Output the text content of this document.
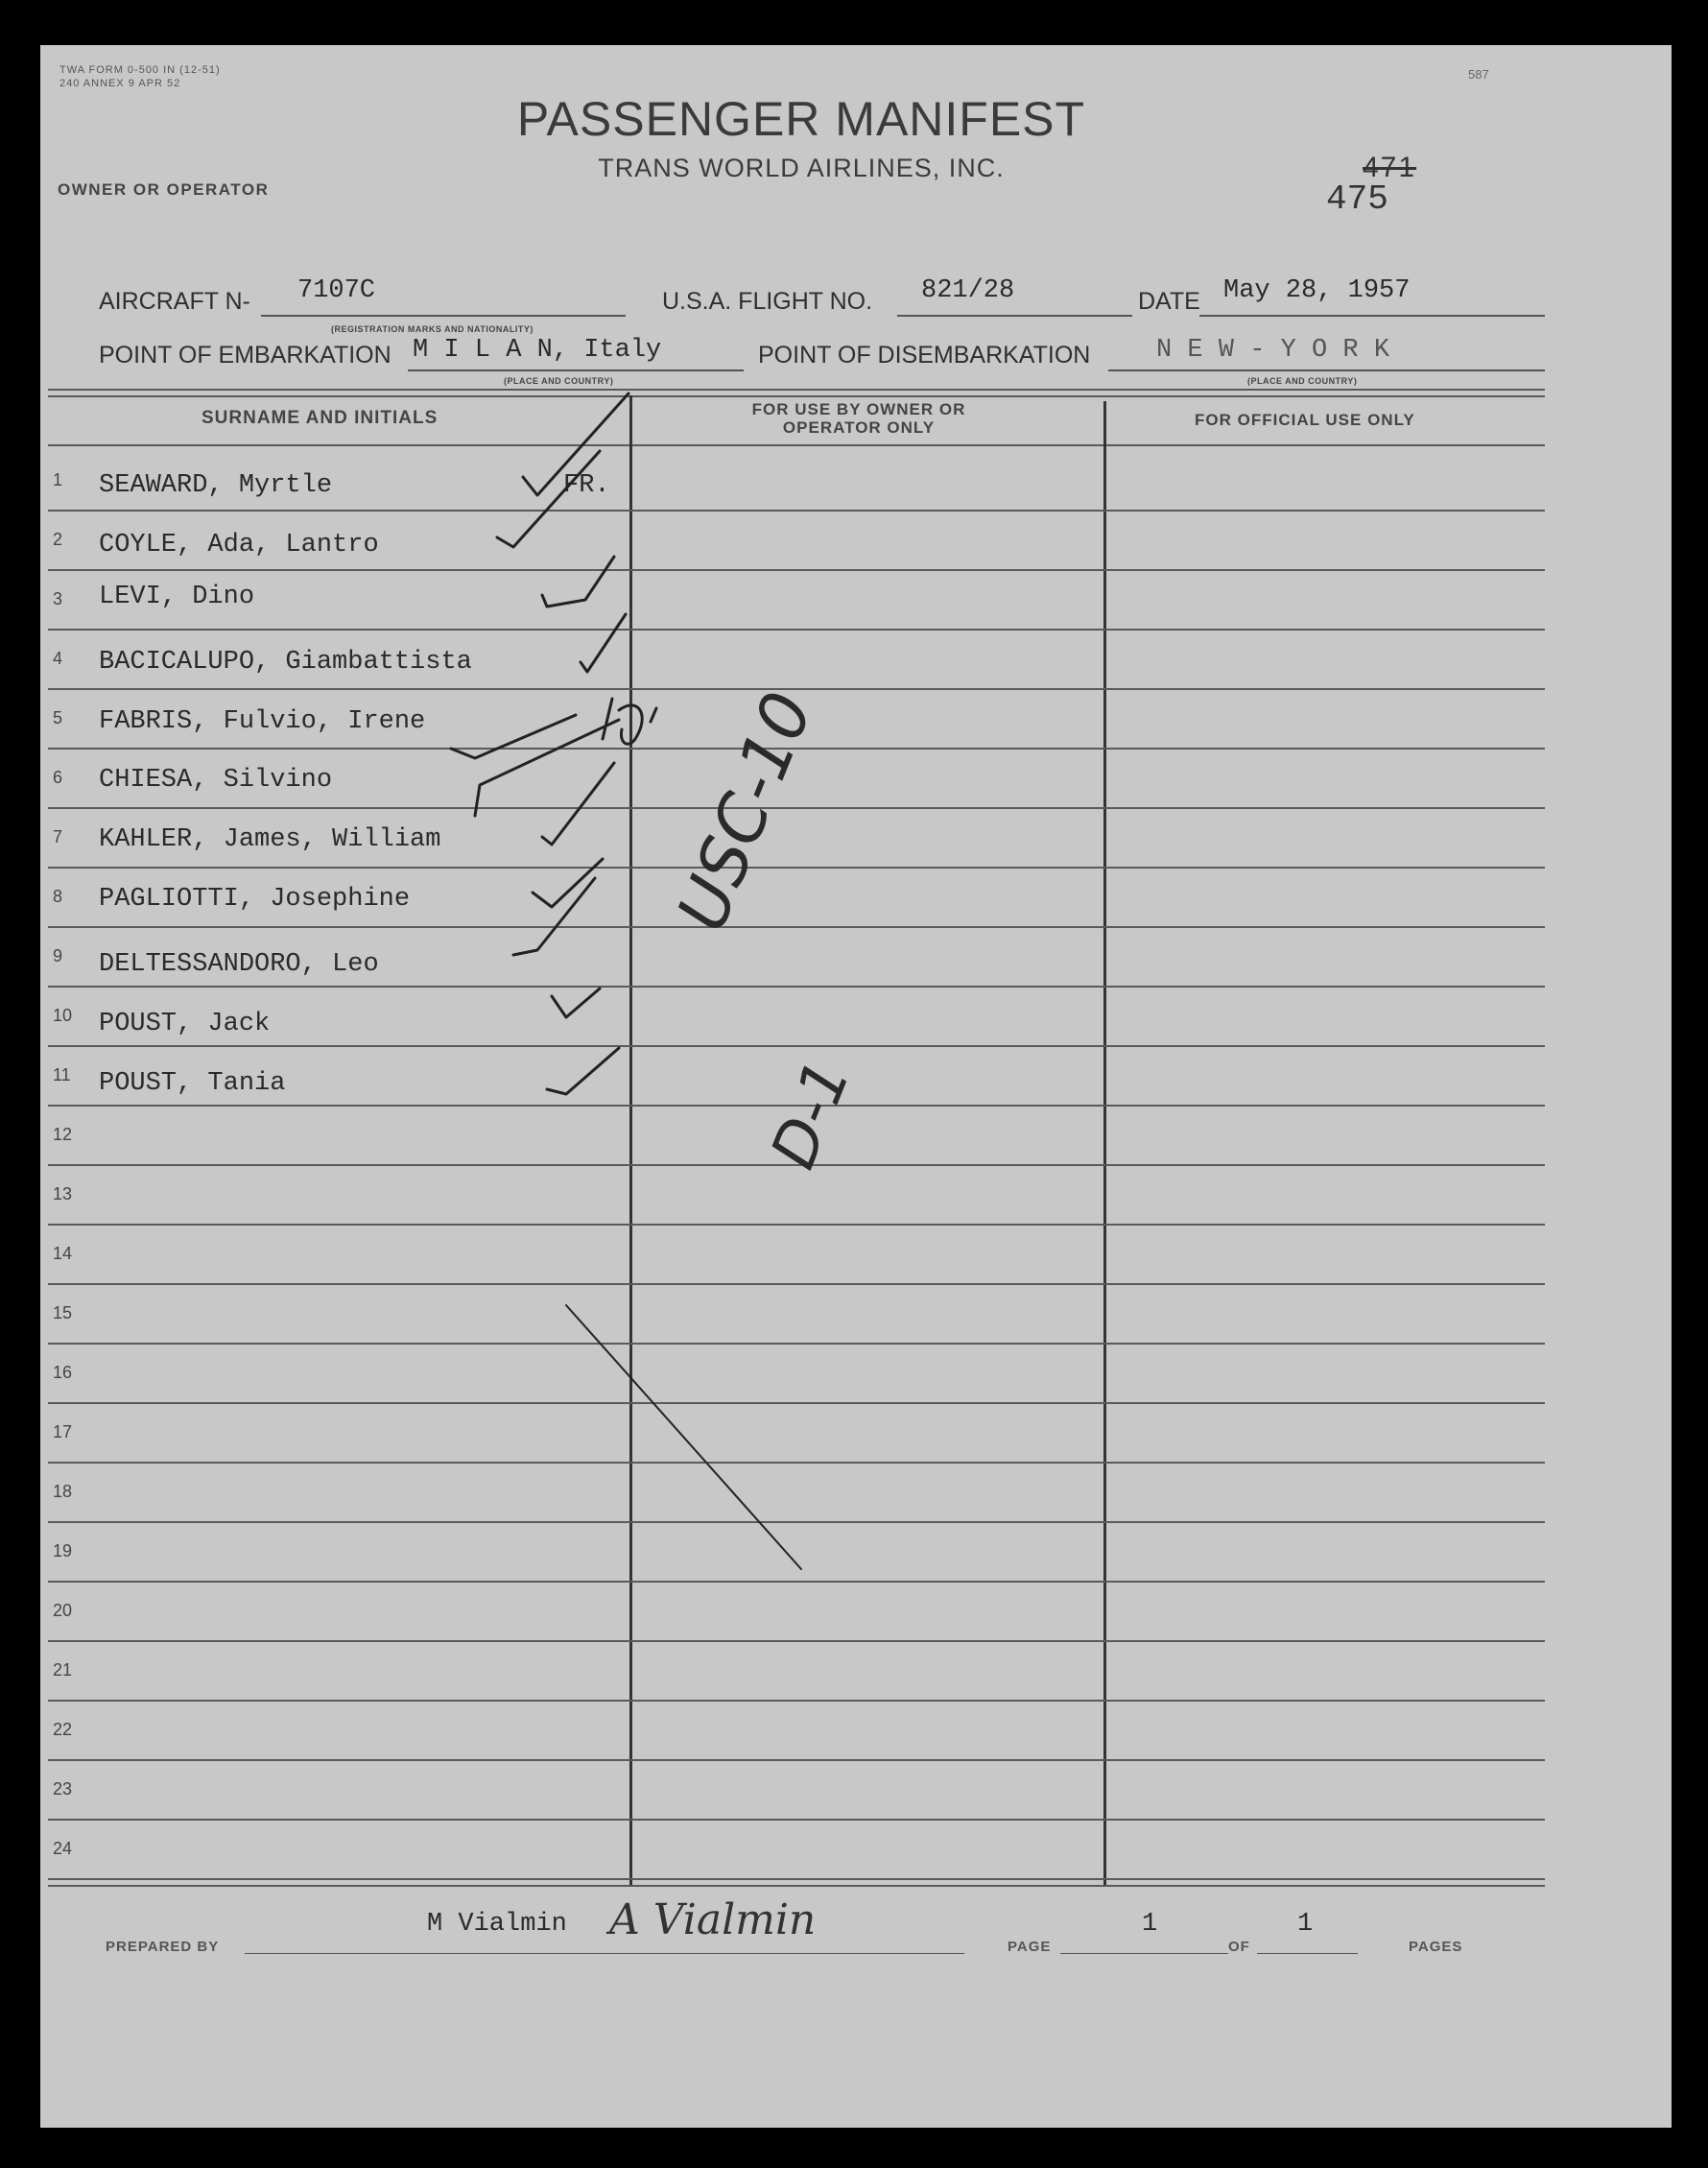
TWA FORM 0-500 IN (12-51)
240 ANNEX 9 APR 52
587
PASSENGER MANIFEST
TRANS WORLD AIRLINES, INC.	471
475
OWNER OR OPERATOR
AIRCRAFT N- 7107C
(REGISTRATION MARKS AND NATIONALITY)
U.S.A. FLIGHT NO. 821/28	DATE May 28, 1957
POINT OF EMBARKATION M I L A N, Italy
(PLACE AND COUNTRY)
POINT OF DISEMBARKATION	N E W - Y O R K
(PLACE AND COUNTRY)
SURNAME AND INITIALS	FOR USE BY OWNER OR OPERATOR ONLY	FOR OFFICIAL USE ONLY
1	SEAWARD, Myrtle	FR.
2	COYLE, Ada, Lantro
3	LEVI, Dino
4	BACICALUPO, Giambattista
5	FABRIS, Fulvio, Irene
6	CHIESA, Silvino
7	KAHLER, James, William
8	PAGLIOTTI, Josephine
9	DELTESSANDORO, Leo
10	POUST, Jack
11	POUST, Tania
12
13
14
15
16
17
18
19
20
21
22
23
24
USC-10
D-1
PREPARED BY
M Vialmin A Vialmin
PAGE
1
OF
1
PAGES
